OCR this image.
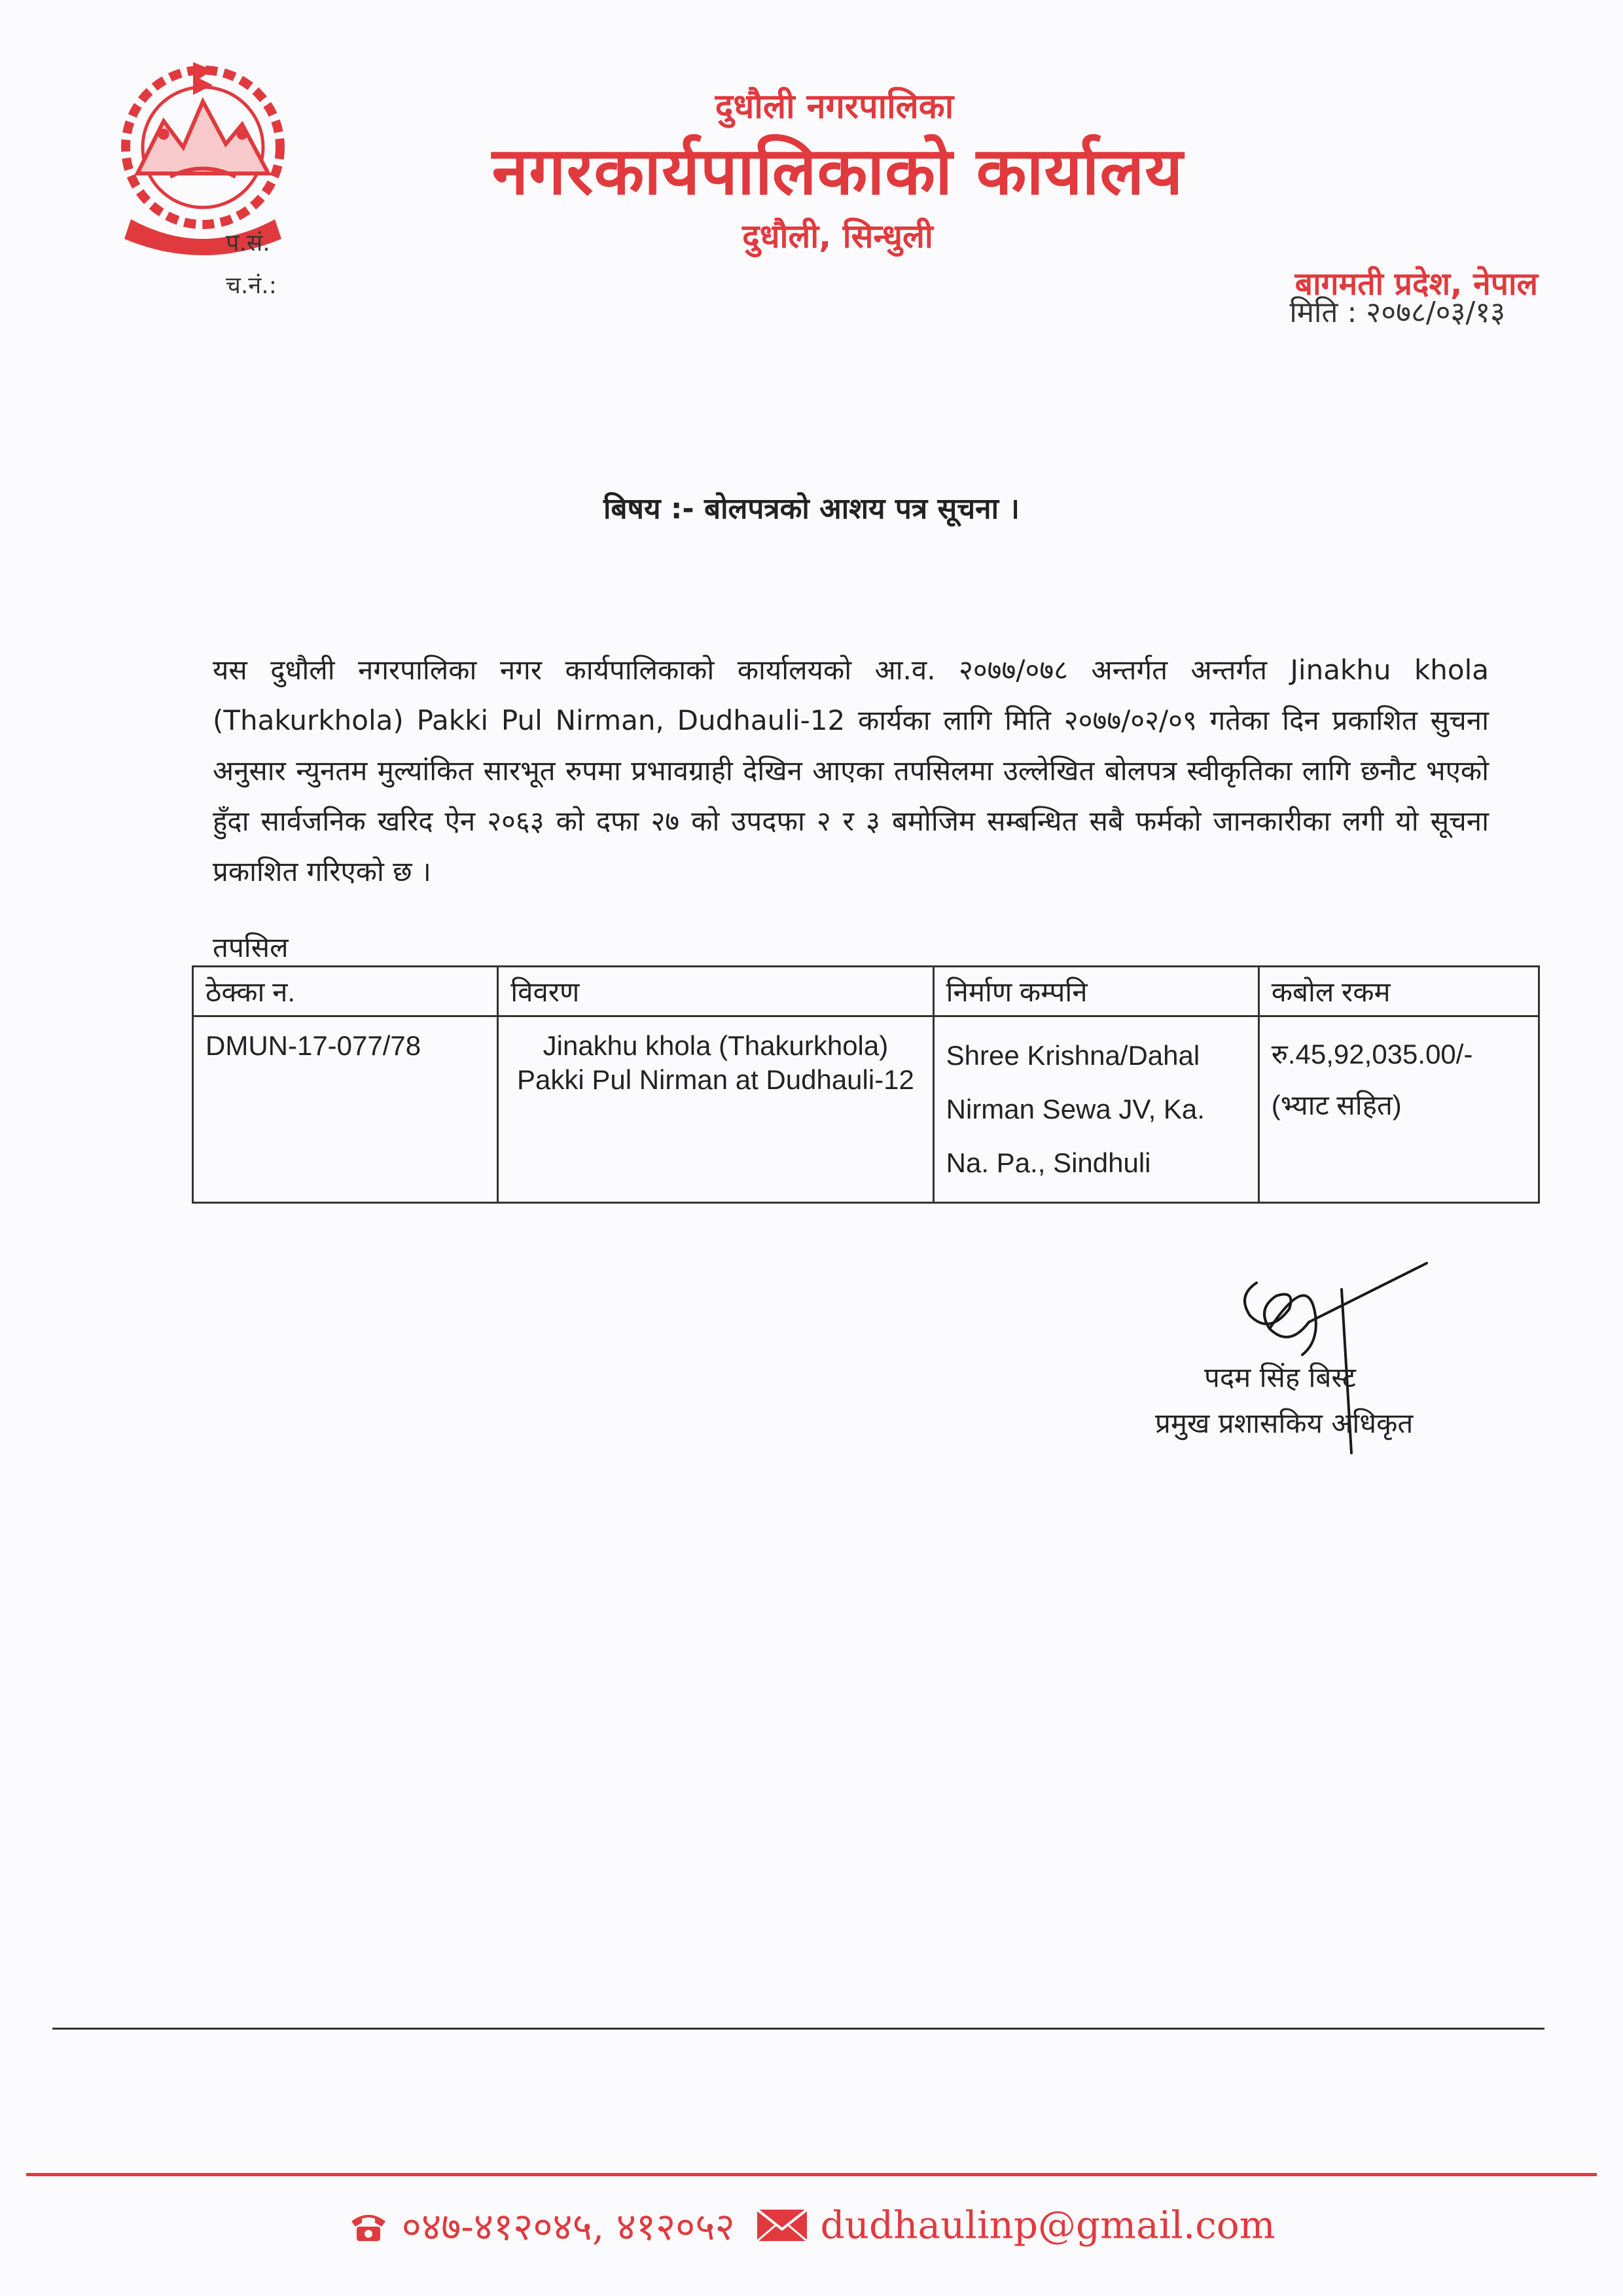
प.सं.
च.नं.:
दुधौली नगरपालिका
नगरकार्यपालिकाको कार्यालय
दुधौली, सिन्धुली
बागमती प्रदेश, नेपाल
मिति : २०७८/०३/१३
बिषय :- बोलपत्रको आशय पत्र सूचना ।
यस दुधौली नगरपालिका नगर कार्यपालिकाको कार्यालयको आ.व. २०७७/०७८ अन्तर्गत अन्तर्गत Jinakhu khola (Thakurkhola) Pakki Pul Nirman, Dudhauli-12 कार्यका लागि मिति २०७७/०२/०९ गतेका दिन प्रकाशित सुचना अनुसार न्युनतम मुल्यांकित सारभूत रुपमा प्रभावग्राही देखिन आएका तपसिलमा उल्लेखित बोलपत्र स्वीकृतिका लागि छनौट भएको हुँदा सार्वजनिक खरिद ऐन २०६३ को दफा २७ को उपदफा २ र ३ बमोजिम सम्बन्धित सबै फर्मको जानकारीका लगी यो सूचना प्रकाशित गरिएको छ ।
तपसिल
ठेक्का न.	विवरण	निर्माण कम्पनि	कबोल रकम
DMUN-17-077/78	Jinakhu khola (Thakurkhola) Pakki Pul Nirman at Dudhauli-12	Shree Krishna/Dahal Nirman Sewa JV, Ka. Na. Pa., Sindhuli	रु.45,92,035.00/-
(भ्याट सहित)
पदम सिंह बिस्ट
प्रमुख प्रशासकिय अधिकृत
०४७-४१२०४५, ४१२०५२ dudhaulinp@gmail.com
